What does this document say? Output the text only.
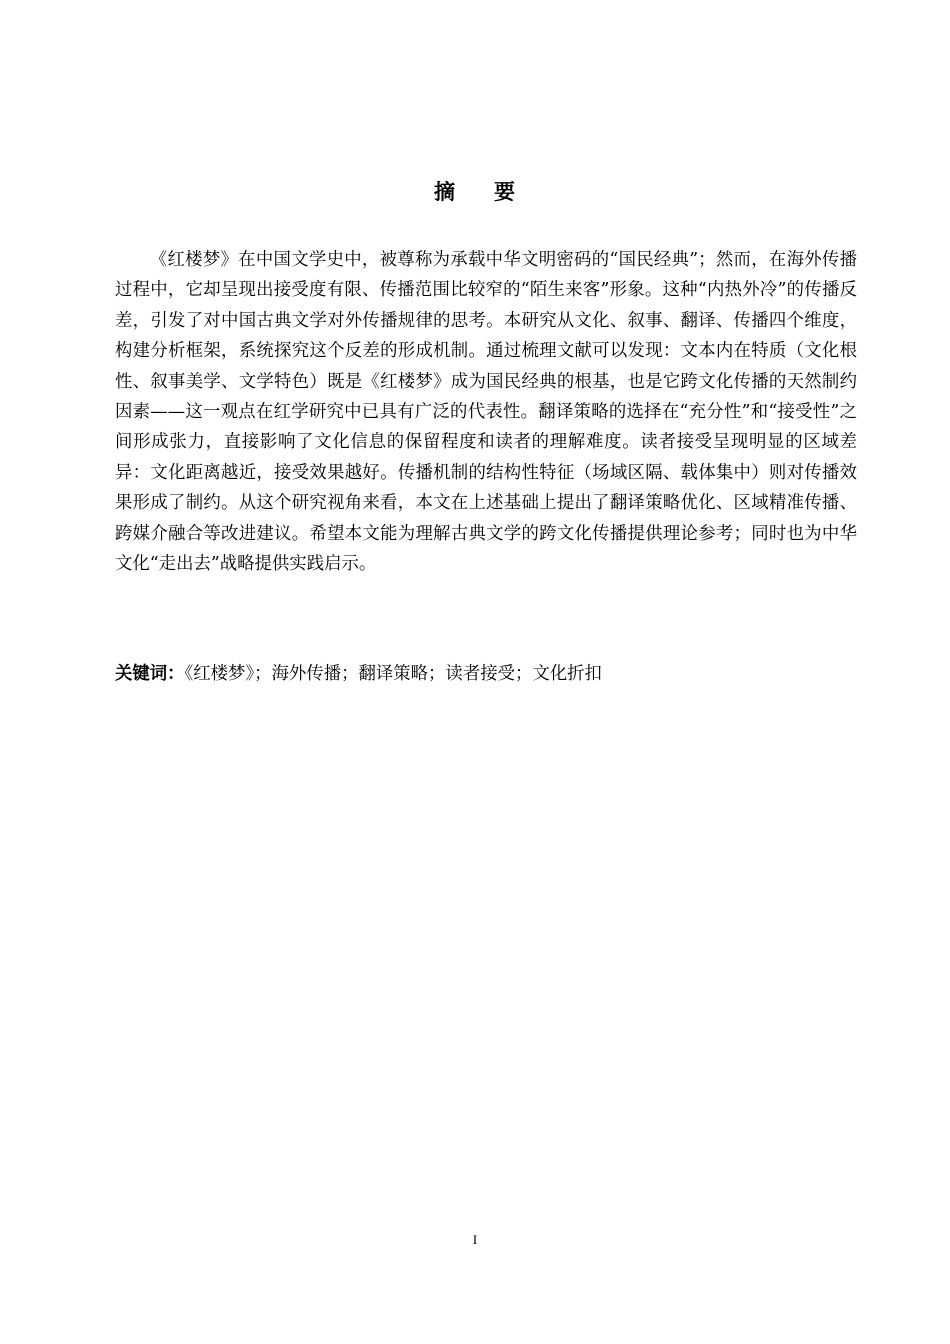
摘 要

《红楼梦》在中国文学史中，被尊称为承载中华文明密码的“国民经典”；然而，在海外传播过程中，它却呈现出接受度有限、传播范围比较窄的“陌生来客”形象。这种“内热外冷”的传播反差，引发了对中国古典文学对外传播规律的思考。本研究从文化、叙事、翻译、传播四个维度，构建分析框架，系统探究这个反差的形成机制。通过梳理文献可以发现：文本内在特质（文化根性、叙事美学、文学特色）既是《红楼梦》成为国民经典的根基，也是它跨文化传播的天然制约因素——这一观点在红学研究中已具有广泛的代表性。翻译策略的选择在“充分性”和“接受性”之间形成张力，直接影响了文化信息的保留程度和读者的理解难度。读者接受呈现明显的区域差异：文化距离越近，接受效果越好。传播机制的结构性特征（场域区隔、载体集中）则对传播效果形成了制约。从这个研究视角来看，本文在上述基础上提出了翻译策略优化、区域精准传播、跨媒介融合等改进建议。希望本文能为理解古典文学的跨文化传播提供理论参考；同时也为中华文化“走出去”战略提供实践启示。

关键词：《红楼梦》；海外传播；翻译策略；读者接受；文化折扣

I
